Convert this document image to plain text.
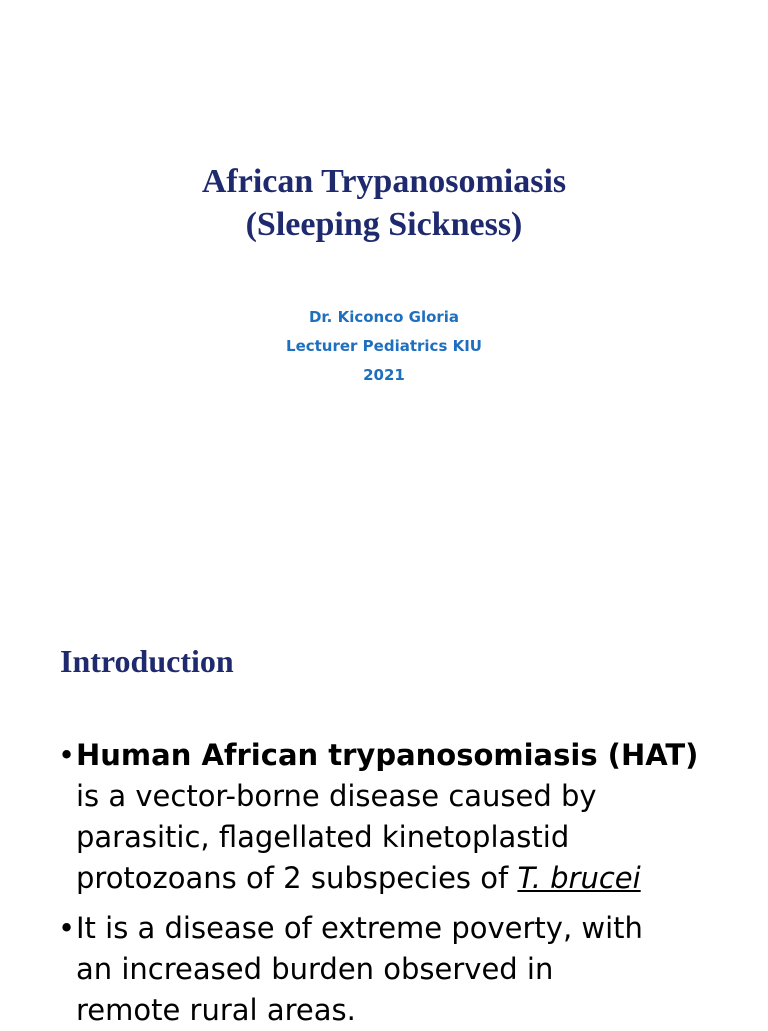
African Trypanosomiasis
(Sleeping Sickness)
Dr. Kiconco Gloria
Lecturer Pediatrics KIU
2021
Introduction
• Human African trypanosomiasis (HAT)
is a vector-borne disease caused by
parasitic, flagellated kinetoplastid
protozoans of 2 subspecies of T. brucei
• It is a disease of extreme poverty, with
an increased burden observed in
remote rural areas.
